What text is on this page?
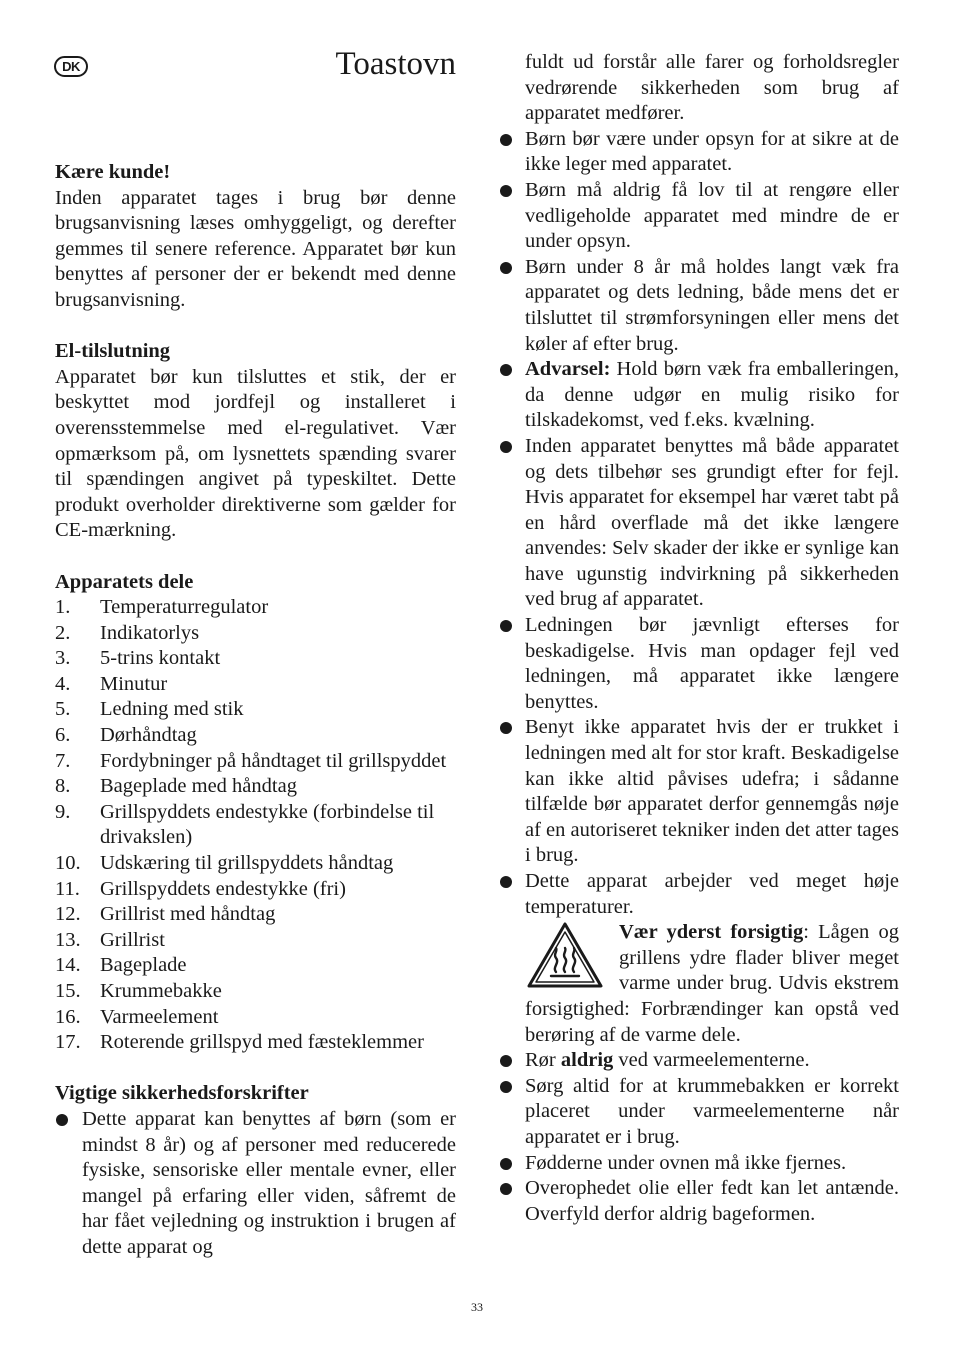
DK	Toastovn

Kære kunde!

Inden apparatet tages i brug bør denne brugsanvisning læses omhyggeligt, og derefter gemmes til senere reference. Apparatet bør kun benyttes af personer der er bekendt med denne brugsanvisning.

El-tilslutning

Apparatet bør kun tilsluttes et stik, der er beskyttet mod jordfejl og installeret i overensstemmelse med el-regulativet. Vær opmærksom på, om lysnettets spænding svarer til spændingen angivet på typeskiltet. Dette produkt overholder direktiverne som gælder for CE-mærkning.

Apparatets dele

1.	Temperaturregulator
2.	Indikatorlys
3.	5-trins kontakt
4.	Minutur
5.	Ledning med stik
6.	Dørhåndtag
7.	Fordybninger på håndtaget til grillspyddet
8.	Bageplade med håndtag
9.	Grillspyddets endestykke (forbindelse til drivakslen)
10. Udskæring til grillspyddets håndtag
11. Grillspyddets endestykke (fri)
12. Grillrist med håndtag
13. Grillrist
14. Bageplade
15. Krummebakke
16. Varmeelement
17. Roterende grillspyd med fæsteklemmer

Vigtige sikkerhedsforskrifter

Dette apparat kan benyttes af børn (som er mindst 8 år) og af personer med reducerede fysiske, sensoriske eller mentale evner, eller mangel på erfaring eller viden, såfremt de har fået vejledning og instruktion i brugen af dette apparat og
fuldt ud forstår alle farer og forholdsregler vedrørende sikkerheden som brug af apparatet medfører.
Børn bør være under opsyn for at sikre at de ikke leger med apparatet.
Børn må aldrig få lov til at rengøre eller vedligeholde apparatet med mindre de er under opsyn.
Børn under 8 år må holdes langt væk fra apparatet og dets ledning, både mens det er tilsluttet til strømforsyningen eller mens det køler af efter brug.
Advarsel: Hold børn væk fra emballeringen, da denne udgør en mulig risiko for tilskadekomst, ved f.eks. kvælning.
Inden apparatet benyttes må både apparatet og dets tilbehør ses grundigt efter for fejl. Hvis apparatet for eksempel har været tabt på en hård overflade må det ikke længere anvendes: Selv skader der ikke er synlige kan have ugunstig indvirkning på sikkerheden ved brug af apparatet.
Ledningen bør jævnligt efterses for beskadigelse. Hvis man opdager fejl ved ledningen, må apparatet ikke længere benyttes.
Benyt ikke apparatet hvis der er trukket i ledningen med alt for stor kraft. Beskadigelse kan ikke altid påvises udefra; i sådanne tilfælde bør apparatet derfor gennemgås nøje af en autoriseret tekniker inden det atter tages i brug.
Dette apparat arbejder ved meget høje temperaturer.

Vær yderst forsigtig: Lågen og grillens ydre flader bliver meget varme under brug. Udvis ekstrem forsigtighed: Forbrændinger kan opstå ved berøring af de varme dele.

Rør aldrig ved varmeelementerne.
Sørg altid for at krummebakken er korrekt placeret under varmeelementerne når apparatet er i brug.
Fødderne under ovnen må ikke fjernes.
Overophedet olie eller fedt kan let antænde. Overfyld derfor aldrig bageformen.
33
